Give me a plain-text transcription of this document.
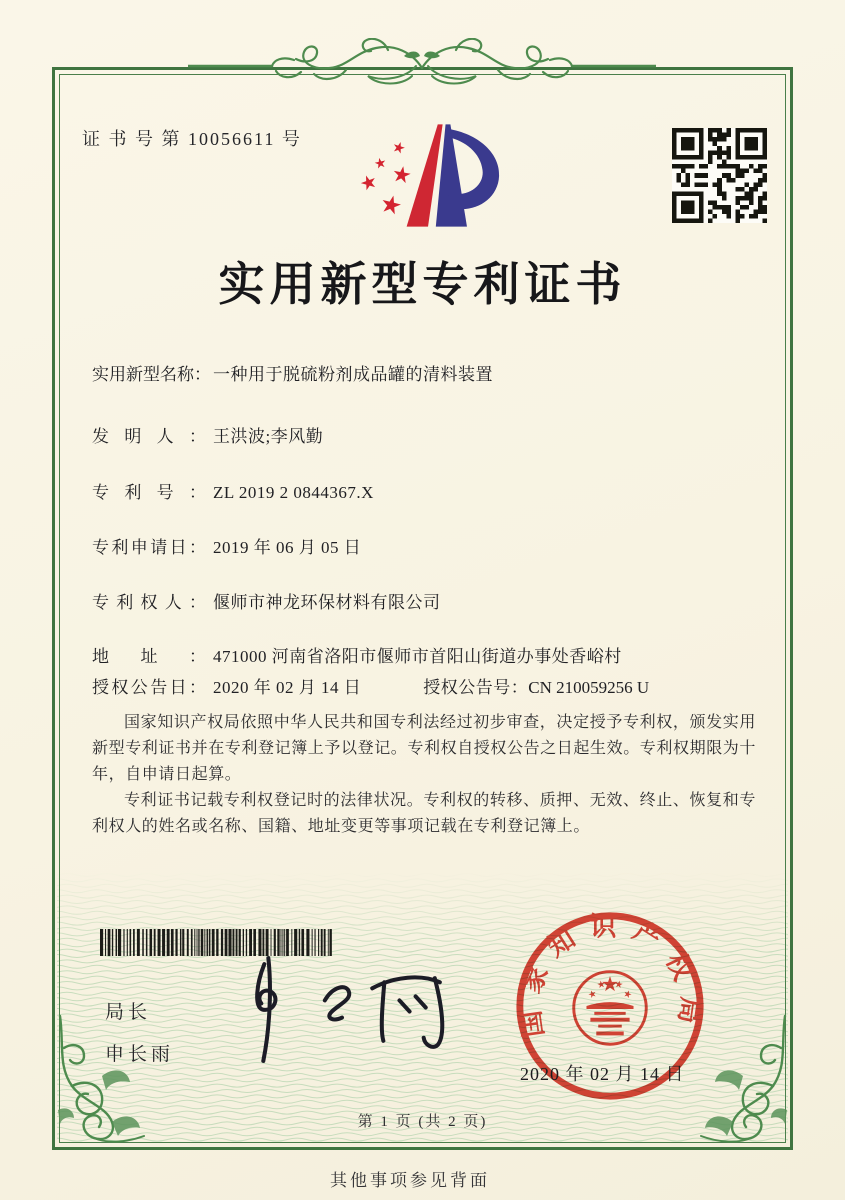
证 书 号 第 10056611 号
实用新型专利证书
实用新型名称： 一种用于脱硫粉剂成品罐的清料装置
发明人： 王洪波;李风勤
专利号： ZL 2019 2 0844367.X
专利申请日： 2019 年 06 月 05 日
专利权人： 偃师市神龙环保材料有限公司
地址： 471000 河南省洛阳市偃师市首阳山街道办事处香峪村
授权公告日： 2020 年 02 月 14 日	授权公告号：CN 210059256 U

国家知识产权局依照中华人民共和国专利法经过初步审查，决定授予专利权，颁发实用新型专利证书并在专利登记簿上予以登记。专利权自授权公告之日起生效。专利权期限为十年，自申请日起算。

专利证书记载专利权登记时的法律状况。专利权的转移、质押、无效、终止、恢复和专利权人的姓名或名称、国籍、地址变更等事项记载在专利登记簿上。

局长
申长雨
国家知识产权局
2020 年 02 月 14 日
第 1 页 (共 2 页)
其他事项参见背面
